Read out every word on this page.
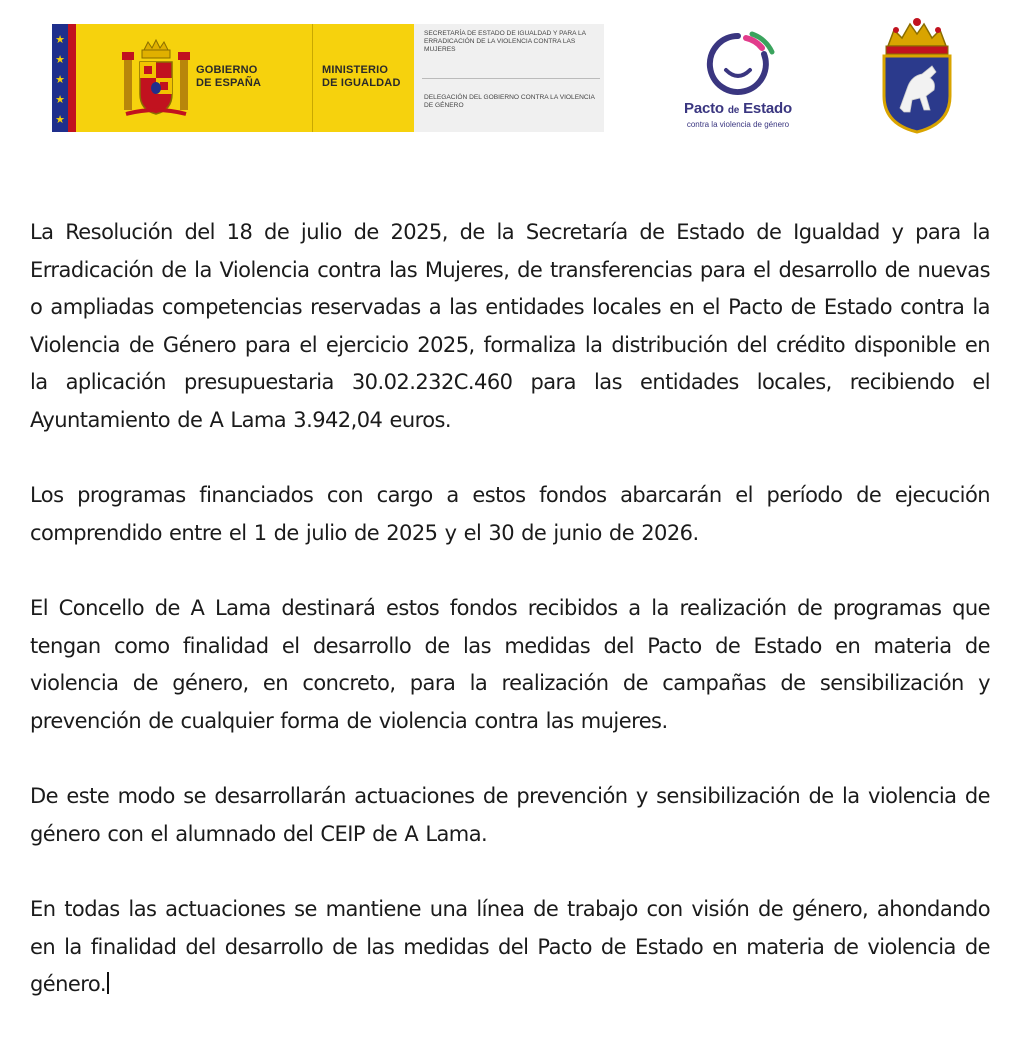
★
★
★
★
★
GOBIERNO
DE ESPAÑA
MINISTERIO
DE IGUALDAD
SECRETARÍA DE ESTADO DE IGUALDAD Y PARA LA ERRADICACIÓN DE LA VIOLENCIA CONTRA LAS MUJERES
DELEGACIÓN DEL GOBIERNO CONTRA LA VIOLENCIA DE GÉNERO	Pacto de Estado
contra la violencia de género

La Resolución del 18 de julio de 2025, de la Secretaría de Estado de Igualdad y para la Erradicación de la Violencia contra las Mujeres, de transferencias para el desarrollo de nuevas o ampliadas competencias reservadas a las entidades locales en el Pacto de Estado contra la Violencia de Género para el ejercicio 2025, formaliza la distribución del crédito disponible en la aplicación presupuestaria 30.02.232C.460 para las entidades locales, recibiendo el Ayuntamiento de A Lama 3.942,04 euros.

Los programas financiados con cargo a estos fondos abarcarán el período de ejecución comprendido entre el 1 de julio de 2025 y el 30 de junio de 2026.

El Concello de A Lama destinará estos fondos recibidos a la realización de programas que tengan como finalidad el desarrollo de las medidas del Pacto de Estado en materia de violencia de género, en concreto, para la realización de campañas de sensibilización y prevención de cualquier forma de violencia contra las mujeres.

De este modo se desarrollarán actuaciones de prevención y sensibilización de la violencia de género con el alumnado del CEIP de A Lama.

En todas las actuaciones se mantiene una línea de trabajo con visión de género, ahondando en la finalidad del desarrollo de las medidas del Pacto de Estado en materia de violencia de género.
